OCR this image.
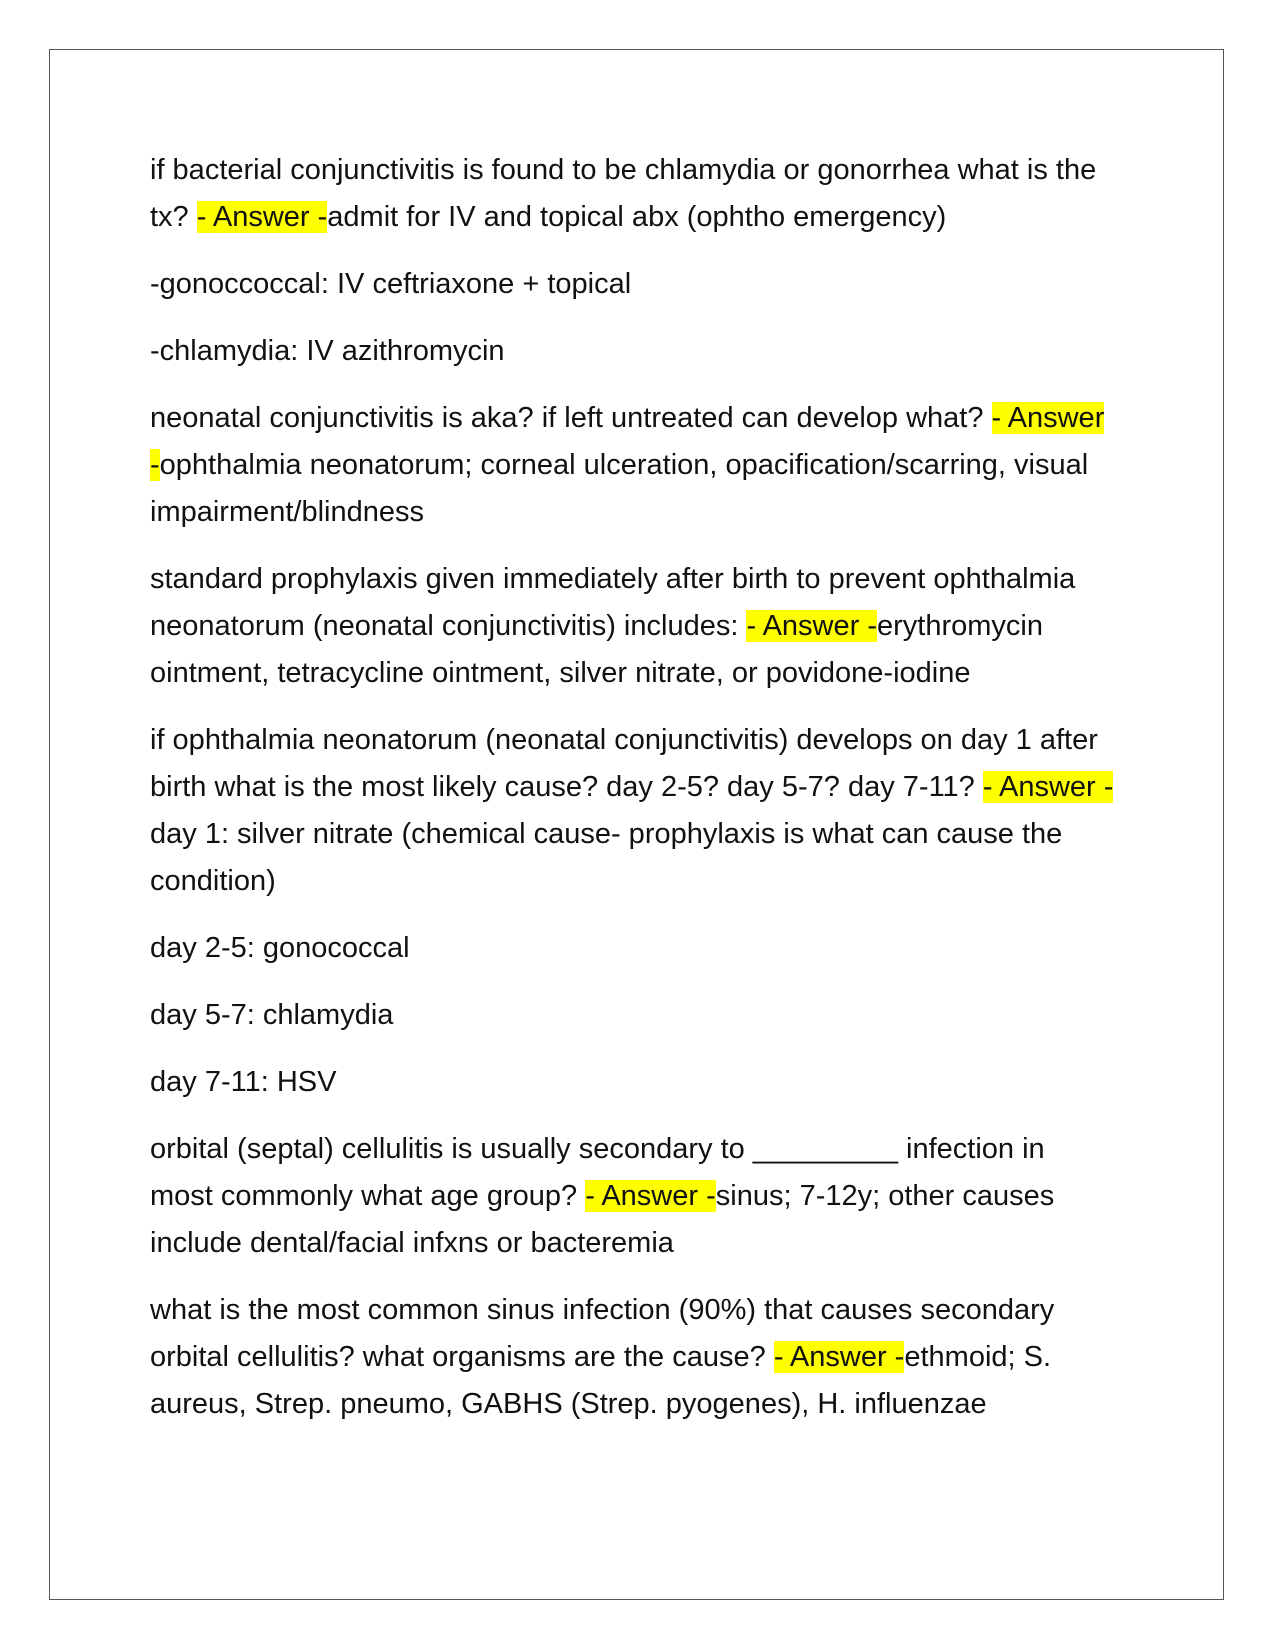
if bacterial conjunctivitis is found to be chlamydia or gonorrhea what is the tx? - Answer -admit for IV and topical abx (ophtho emergency)

-gonoccoccal: IV ceftriaxone + topical

-chlamydia: IV azithromycin

neonatal conjunctivitis is aka? if left untreated can develop what? - Answer -ophthalmia neonatorum; corneal ulceration, opacification/scarring, visual impairment/blindness

standard prophylaxis given immediately after birth to prevent ophthalmia neonatorum (neonatal conjunctivitis) includes: - Answer -erythromycin ointment, tetracycline ointment, silver nitrate, or povidone-iodine

if ophthalmia neonatorum (neonatal conjunctivitis) develops on day 1 after birth what is the most likely cause? day 2-5? day 5-7? day 7-11? - Answer -day 1: silver nitrate (chemical cause- prophylaxis is what can cause the condition)

day 2-5: gonococcal

day 5-7: chlamydia

day 7-11: HSV

orbital (septal) cellulitis is usually secondary to _________ infection in most commonly what age group? - Answer -sinus; 7-12y; other causes include dental/facial infxns or bacteremia

what is the most common sinus infection (90%) that causes secondary orbital cellulitis? what organisms are the cause? - Answer -ethmoid; S. aureus, Strep. pneumo, GABHS (Strep. pyogenes), H. influenzae
